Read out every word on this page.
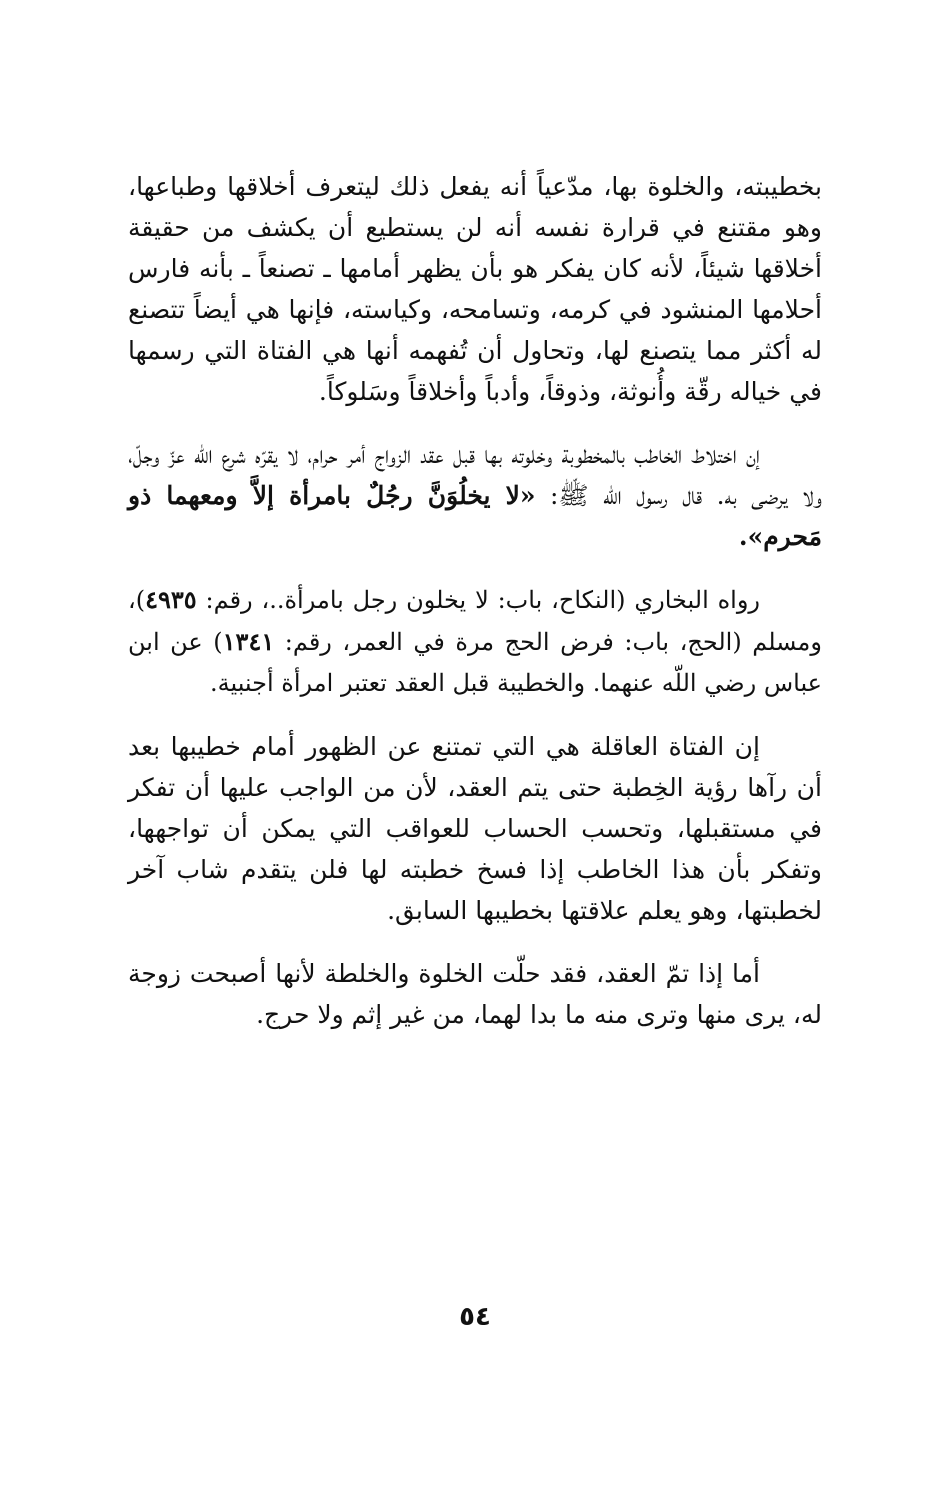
بخطيبته، والخلوة بها، مدّعياً أنه يفعل ذلك ليتعرف أخلاقها وطباعها، وهو مقتنع في قرارة نفسه أنه لن يستطيع أن يكشف من حقيقة أخلاقها شيئاً، لأنه كان يفكر هو بأن يظهر أمامها ـ تصنعاً ـ بأنه فارس أحلامها المنشود في كرمه، وتسامحه، وكياسته، فإنها هي أيضاً تتصنع له أكثر مما يتصنع لها، وتحاول أن تُفهمه أنها هي الفتاة التي رسمها في خياله رقّة وأُنوثة، وذوقاً، وأدباً وأخلاقاً وسَلوكاً.

إن اختلاط الخاطب بالمخطوبة وخلوته بها قبل عقد الزواج أمر حرام، لا يقرّه شرع اللّه عزّ وجلّ، ولا يرضى به. قال رسول اللّه ﷺ: «لا يخلُوَنَّ رجُلٌ بامرأة إلاَّ ومعهما ذو مَحرم».

رواه البخاري (النكاح، باب: لا يخلون رجل بامرأة..، رقم: ٤٩٣٥)، ومسلم (الحج، باب: فرض الحج مرة في العمر، رقم: ١٣٤١) عن ابن عباس رضي اللّه عنهما. والخطيبة قبل العقد تعتبر امرأة أجنبية.

إن الفتاة العاقلة هي التي تمتنع عن الظهور أمام خطيبها بعد أن رآها رؤية الخِطبة حتى يتم العقد، لأن من الواجب عليها أن تفكر في مستقبلها، وتحسب الحساب للعواقب التي يمكن أن تواجهها، وتفكر بأن هذا الخاطب إذا فسخ خطبته لها فلن يتقدم شاب آخر لخطبتها، وهو يعلم علاقتها بخطيبها السابق.

أما إذا تمّ العقد، فقد حلّت الخلوة والخلطة لأنها أصبحت زوجة له، يرى منها وترى منه ما بدا لهما، من غير إثم ولا حرج.

٥٤
